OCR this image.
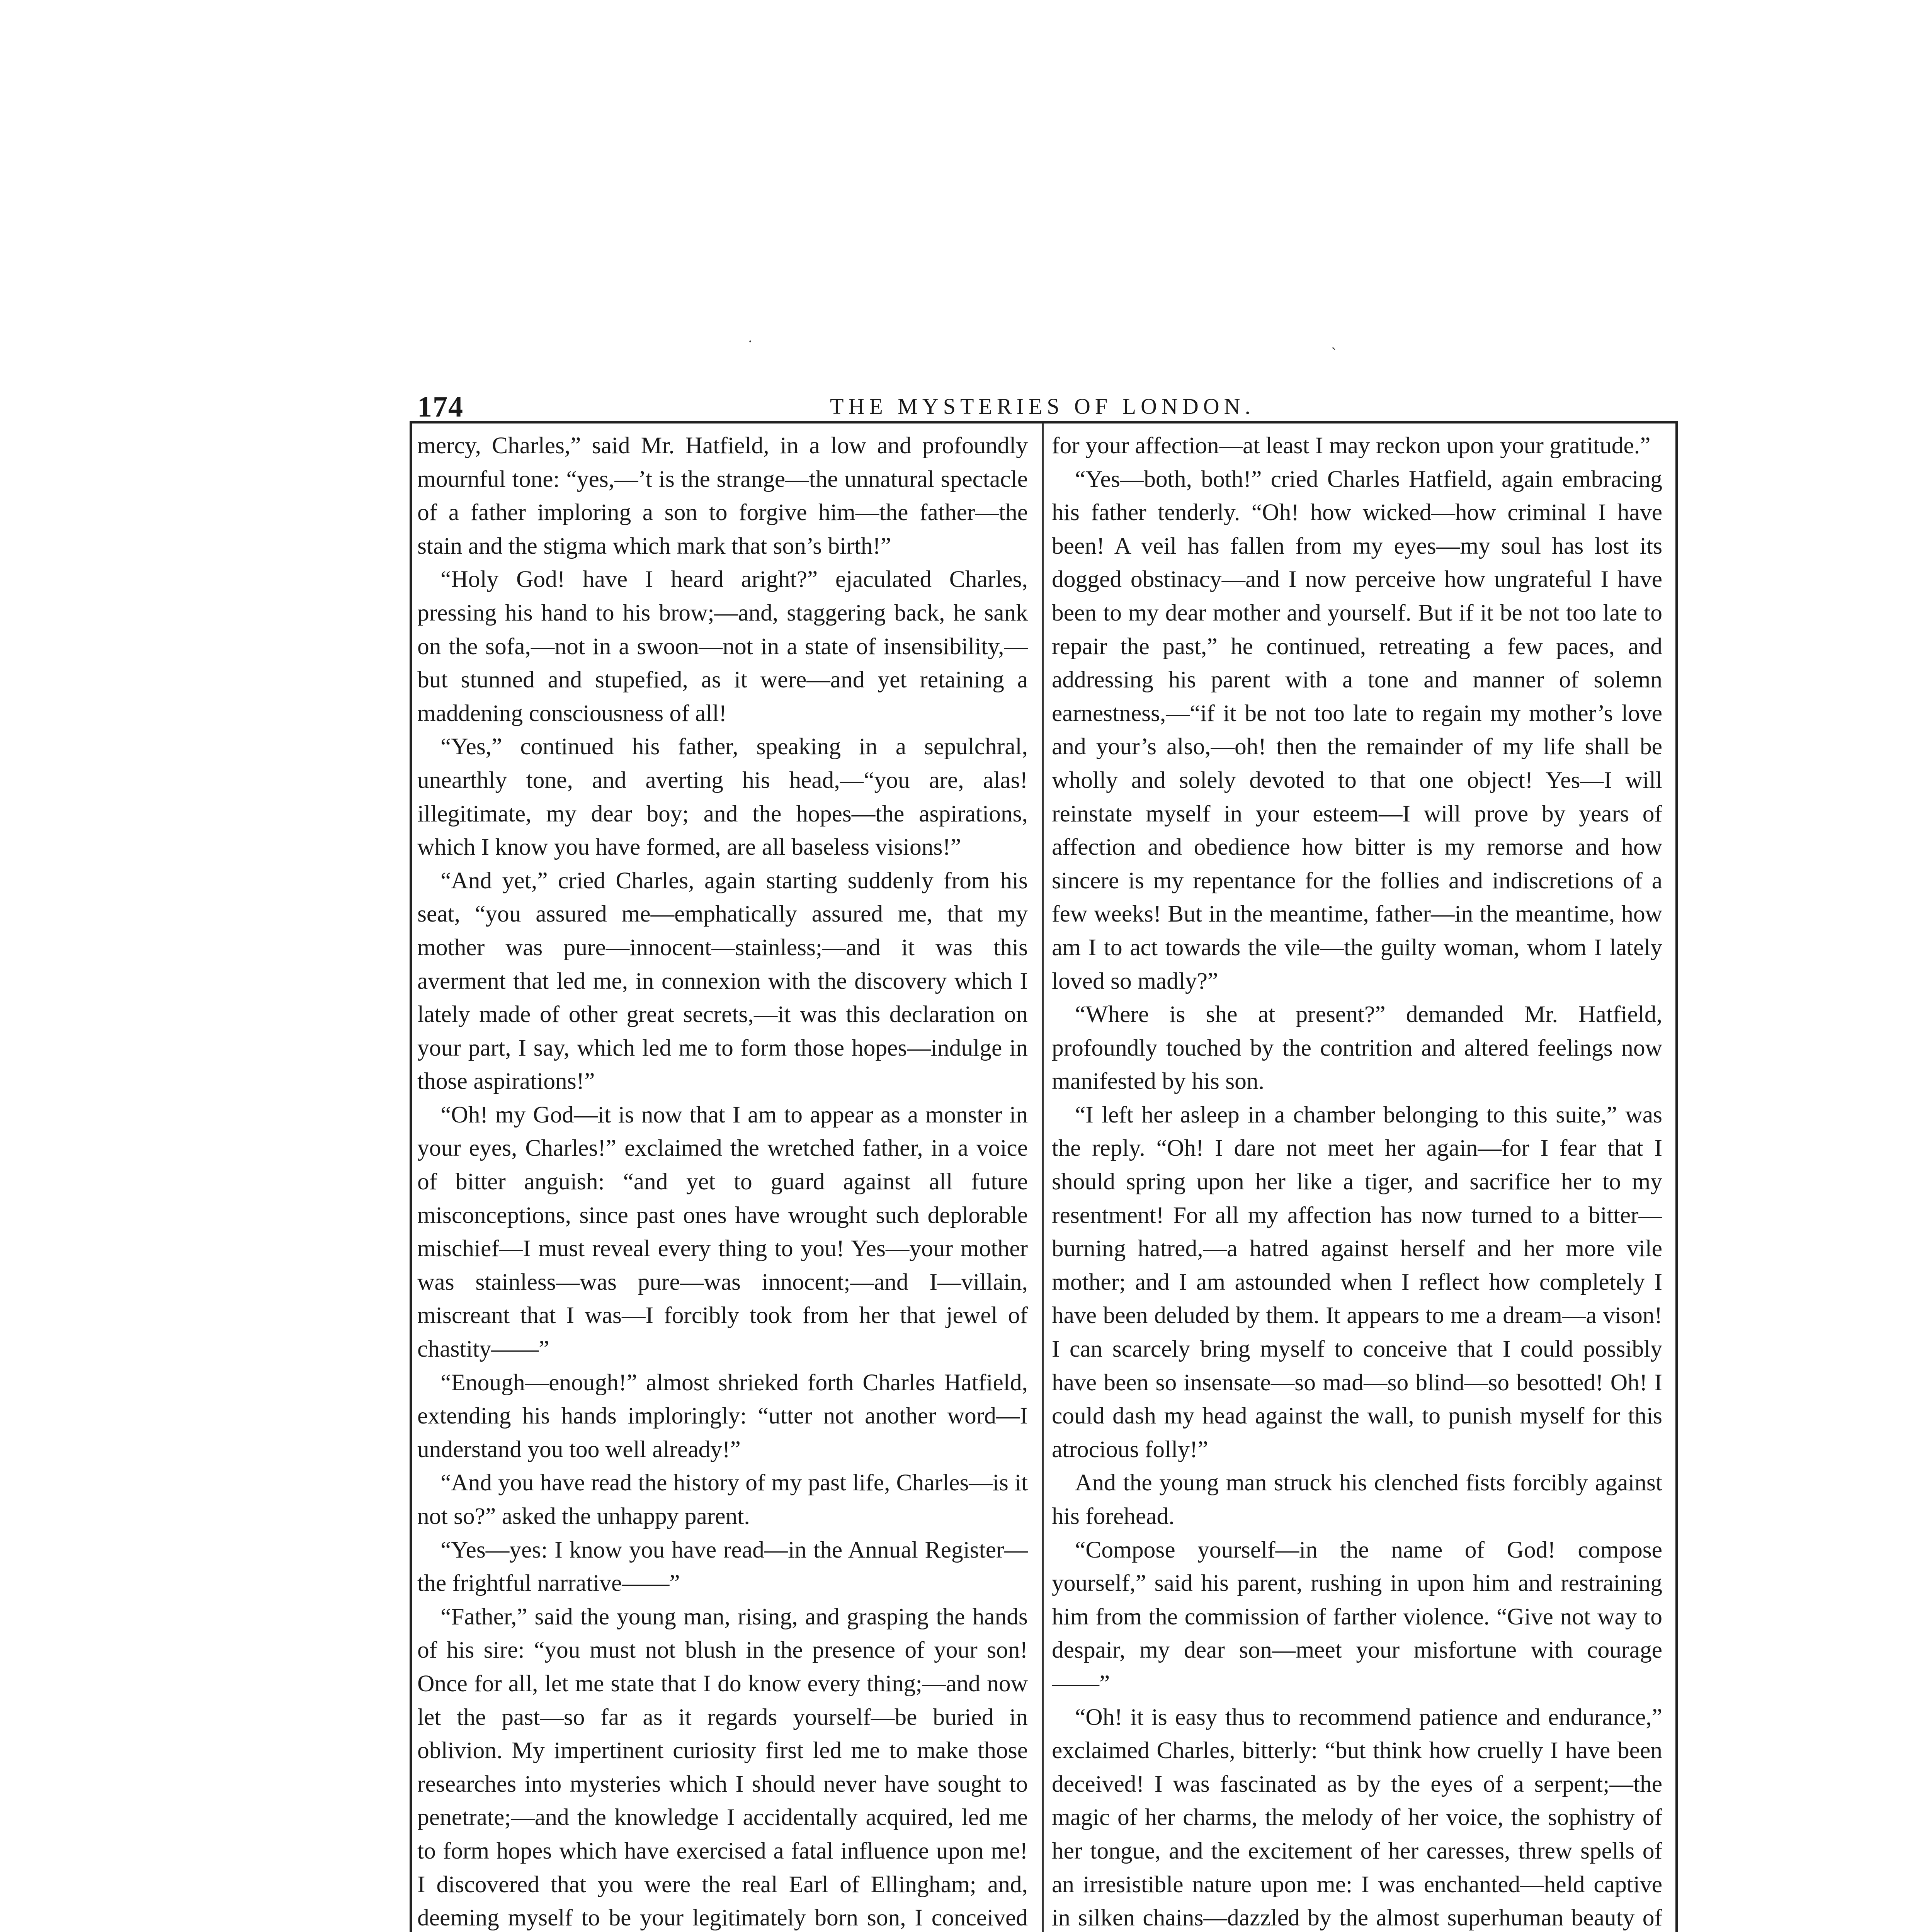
·	ˎ
174	THE MYSTERIES OF LONDON.

mercy, Charles,” said Mr. Hatfield, in a low and profoundly mournful tone: “yes,—’t is the strange—the unnatural spectacle of a father imploring a son to forgive him—the father—the stain and the stigma which mark that son’s birth!”

“Holy God! have I heard aright?” ejaculated Charles, pressing his hand to his brow;—and, staggering back, he sank on the sofa,—not in a swoon—not in a state of insensibility,—but stunned and stupefied, as it were—and yet retaining a maddening consciousness of all!

“Yes,” continued his father, speaking in a sepulchral, unearthly tone, and averting his head,—“you are, alas! illegitimate, my dear boy; and the hopes—the aspirations, which I know you have formed, are all baseless visions!”

“And yet,” cried Charles, again starting suddenly from his seat, “you assured me—emphatically assured me, that my mother was pure—innocent—stainless;—and it was this averment that led me, in connexion with the discovery which I lately made of other great secrets,—it was this declaration on your part, I say, which led me to form those hopes—indulge in those aspirations!”

“Oh! my God—it is now that I am to appear as a monster in your eyes, Charles!” exclaimed the wretched father, in a voice of bitter anguish: “and yet to guard against all future misconceptions, since past ones have wrought such deplorable mischief—I must reveal every thing to you! Yes—your mother was stainless—was pure—was innocent;—and I—villain, miscreant that I was—I forcibly took from her that jewel of chastity——”

“Enough—enough!” almost shrieked forth Charles Hatfield, extending his hands imploringly: “utter not another word—I understand you too well already!”

“And you have read the history of my past life, Charles—is it not so?” asked the unhappy parent.

“Yes—yes: I know you have read—in the Annual Register—the frightful narrative——”

“Father,” said the young man, rising, and grasping the hands of his sire: “you must not blush in the presence of your son! Once for all, let me state that I do know every thing;—and now let the past—so far as it regards yourself—be buried in oblivion. My impertinent curiosity first led me to make those researches into mysteries which I should never have sought to penetrate;—and the knowledge I accidentally acquired, led me to form hopes which have exercised a fatal influence upon me! I discovered that you were the real Earl of Ellingham; and, deeming myself to be your legitimately born son, I conceived

for your affection—at least I may reckon upon your gratitude.”

“Yes—both, both!” cried Charles Hatfield, again embracing his father tenderly. “Oh! how wicked—how criminal I have been! A veil has fallen from my eyes—my soul has lost its dogged obstinacy—and I now perceive how ungrateful I have been to my dear mother and yourself. But if it be not too late to repair the past,” he continued, retreating a few paces, and addressing his parent with a tone and manner of solemn earnestness,—“if it be not too late to regain my mother’s love and your’s also,—oh! then the remainder of my life shall be wholly and solely devoted to that one object! Yes—I will reinstate myself in your esteem—I will prove by years of affection and obedience how bitter is my remorse and how sincere is my repentance for the follies and indiscretions of a few weeks! But in the meantime, father—in the meantime, how am I to act towards the vile—the guilty woman, whom I lately loved so madly?”

“Where is she at present?” demanded Mr. Hatfield, profoundly touched by the contrition and altered feelings now manifested by his son.

“I left her asleep in a chamber belonging to this suite,” was the reply. “Oh! I dare not meet her again—for I fear that I should spring upon her like a tiger, and sacrifice her to my resentment! For all my affection has now turned to a bitter—burning hatred,—a hatred against herself and her more vile mother; and I am astounded when I reflect how completely I have been deluded by them. It appears to me a dream—a vison! I can scarcely bring myself to conceive that I could possibly have been so insensate—so mad—so blind—so besotted! Oh! I could dash my head against the wall, to punish myself for this atrocious folly!”

And the young man struck his clenched fists forcibly against his forehead.

“Compose yourself—in the name of God! compose yourself,” said his parent, rushing in upon him and restraining him from the commission of farther violence. “Give not way to despair, my dear son—meet your misfortune with courage——”

“Oh! it is easy thus to recommend patience and endurance,” exclaimed Charles, bitterly: “but think how cruelly I have been deceived! I was fascinated as by the eyes of a serpent;—the magic of her charms, the melody of her voice, the sophistry of her tongue, and the excitement of her caresses, threw spells of an irresistible nature upon me: I was enchanted—held captive in silken chains—dazzled by the almost superhuman beauty of
